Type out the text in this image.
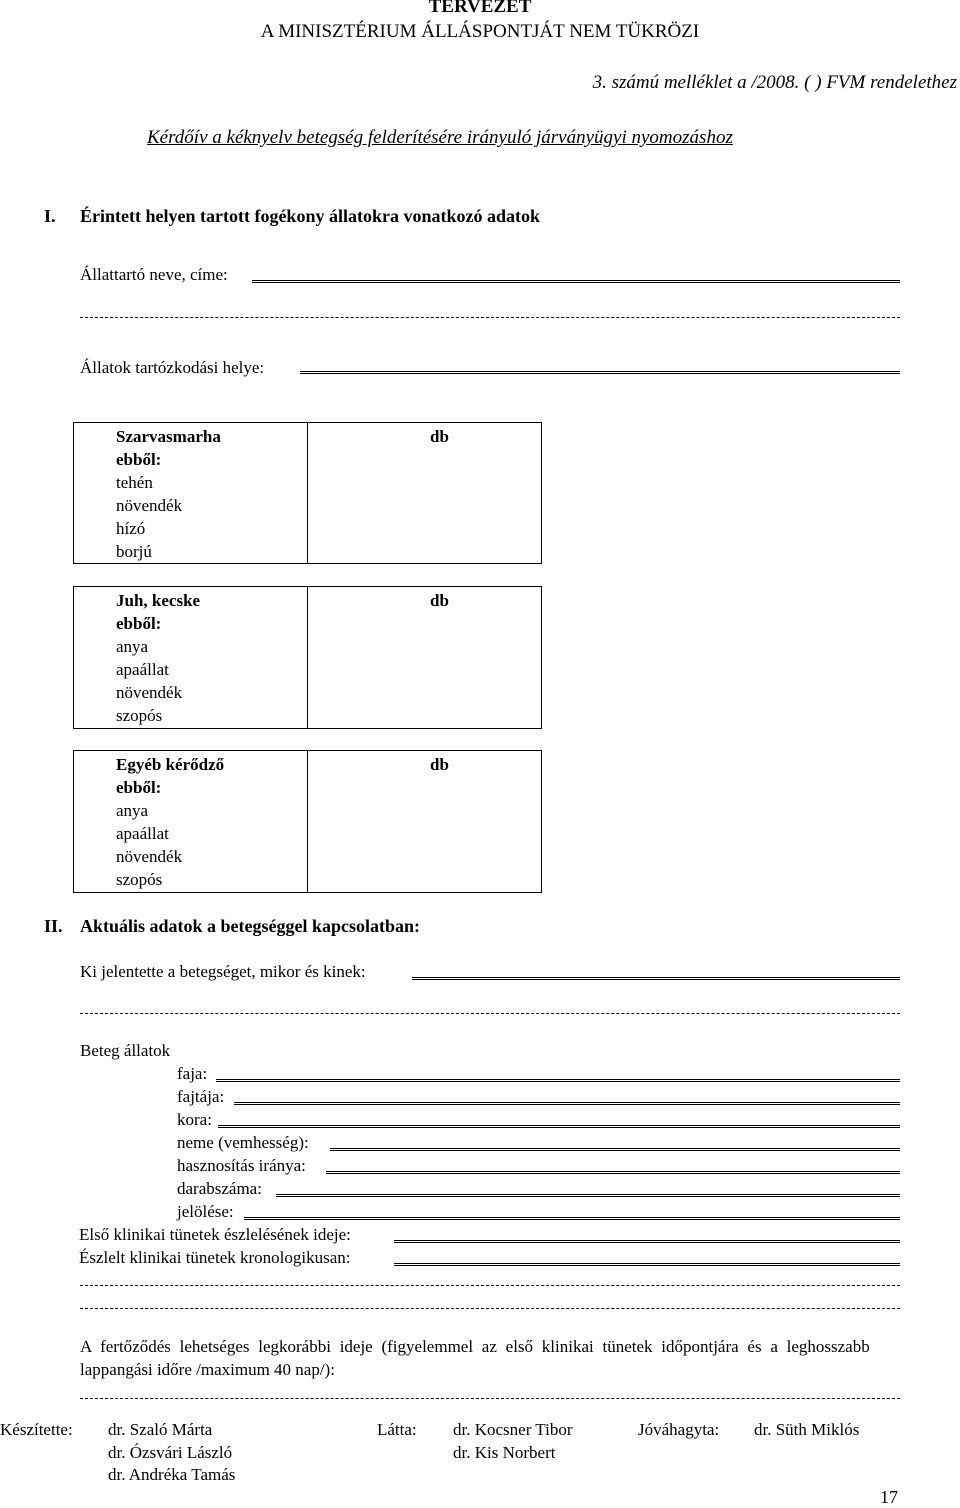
TERVEZET
A MINISZTÉRIUM ÁLLÁSPONTJÁT NEM TÜKRÖZI
3. számú melléklet a /2008. ( ) FVM rendelethez
Kérdőív a kéknyelv betegség felderítésére irányuló járványügyi nyomozáshoz
I. Érintett helyen tartott fogékony állatokra vonatkozó adatok
Állattartó neve, címe:
Állatok tartózkodási helye:
Szarvasmarha
ebből:
tehén
növendék
hízó
borjú
db
Juh, kecske
ebből:
anya
apaállat
növendék
szopós
db
Egyéb kérődző
ebből:
anya
apaállat
növendék
szopós
db
II. Aktuális adatok a betegséggel kapcsolatban:
Ki jelentette a betegséget, mikor és kinek:
Beteg állatok
faja:
fajtája:
kora:
neme (vemhesség):
hasznosítás iránya:
darabszáma:
jelölése:
Első klinikai tünetek észlelésének ideje:
Észlelt klinikai tünetek kronologikusan:
A fertőződés lehetséges legkorábbi ideje (figyelemmel az első klinikai tünetek időpontjára és a leghosszabb
lappangási időre /maximum 40 nap/):
Készítette: dr. Szaló Márta
dr. Ózsvári László
dr. Andréka Tamás
Látta: dr. Kocsner Tibor
dr. Kis Norbert
Jóváhagyta: dr. Süth Miklós
17
